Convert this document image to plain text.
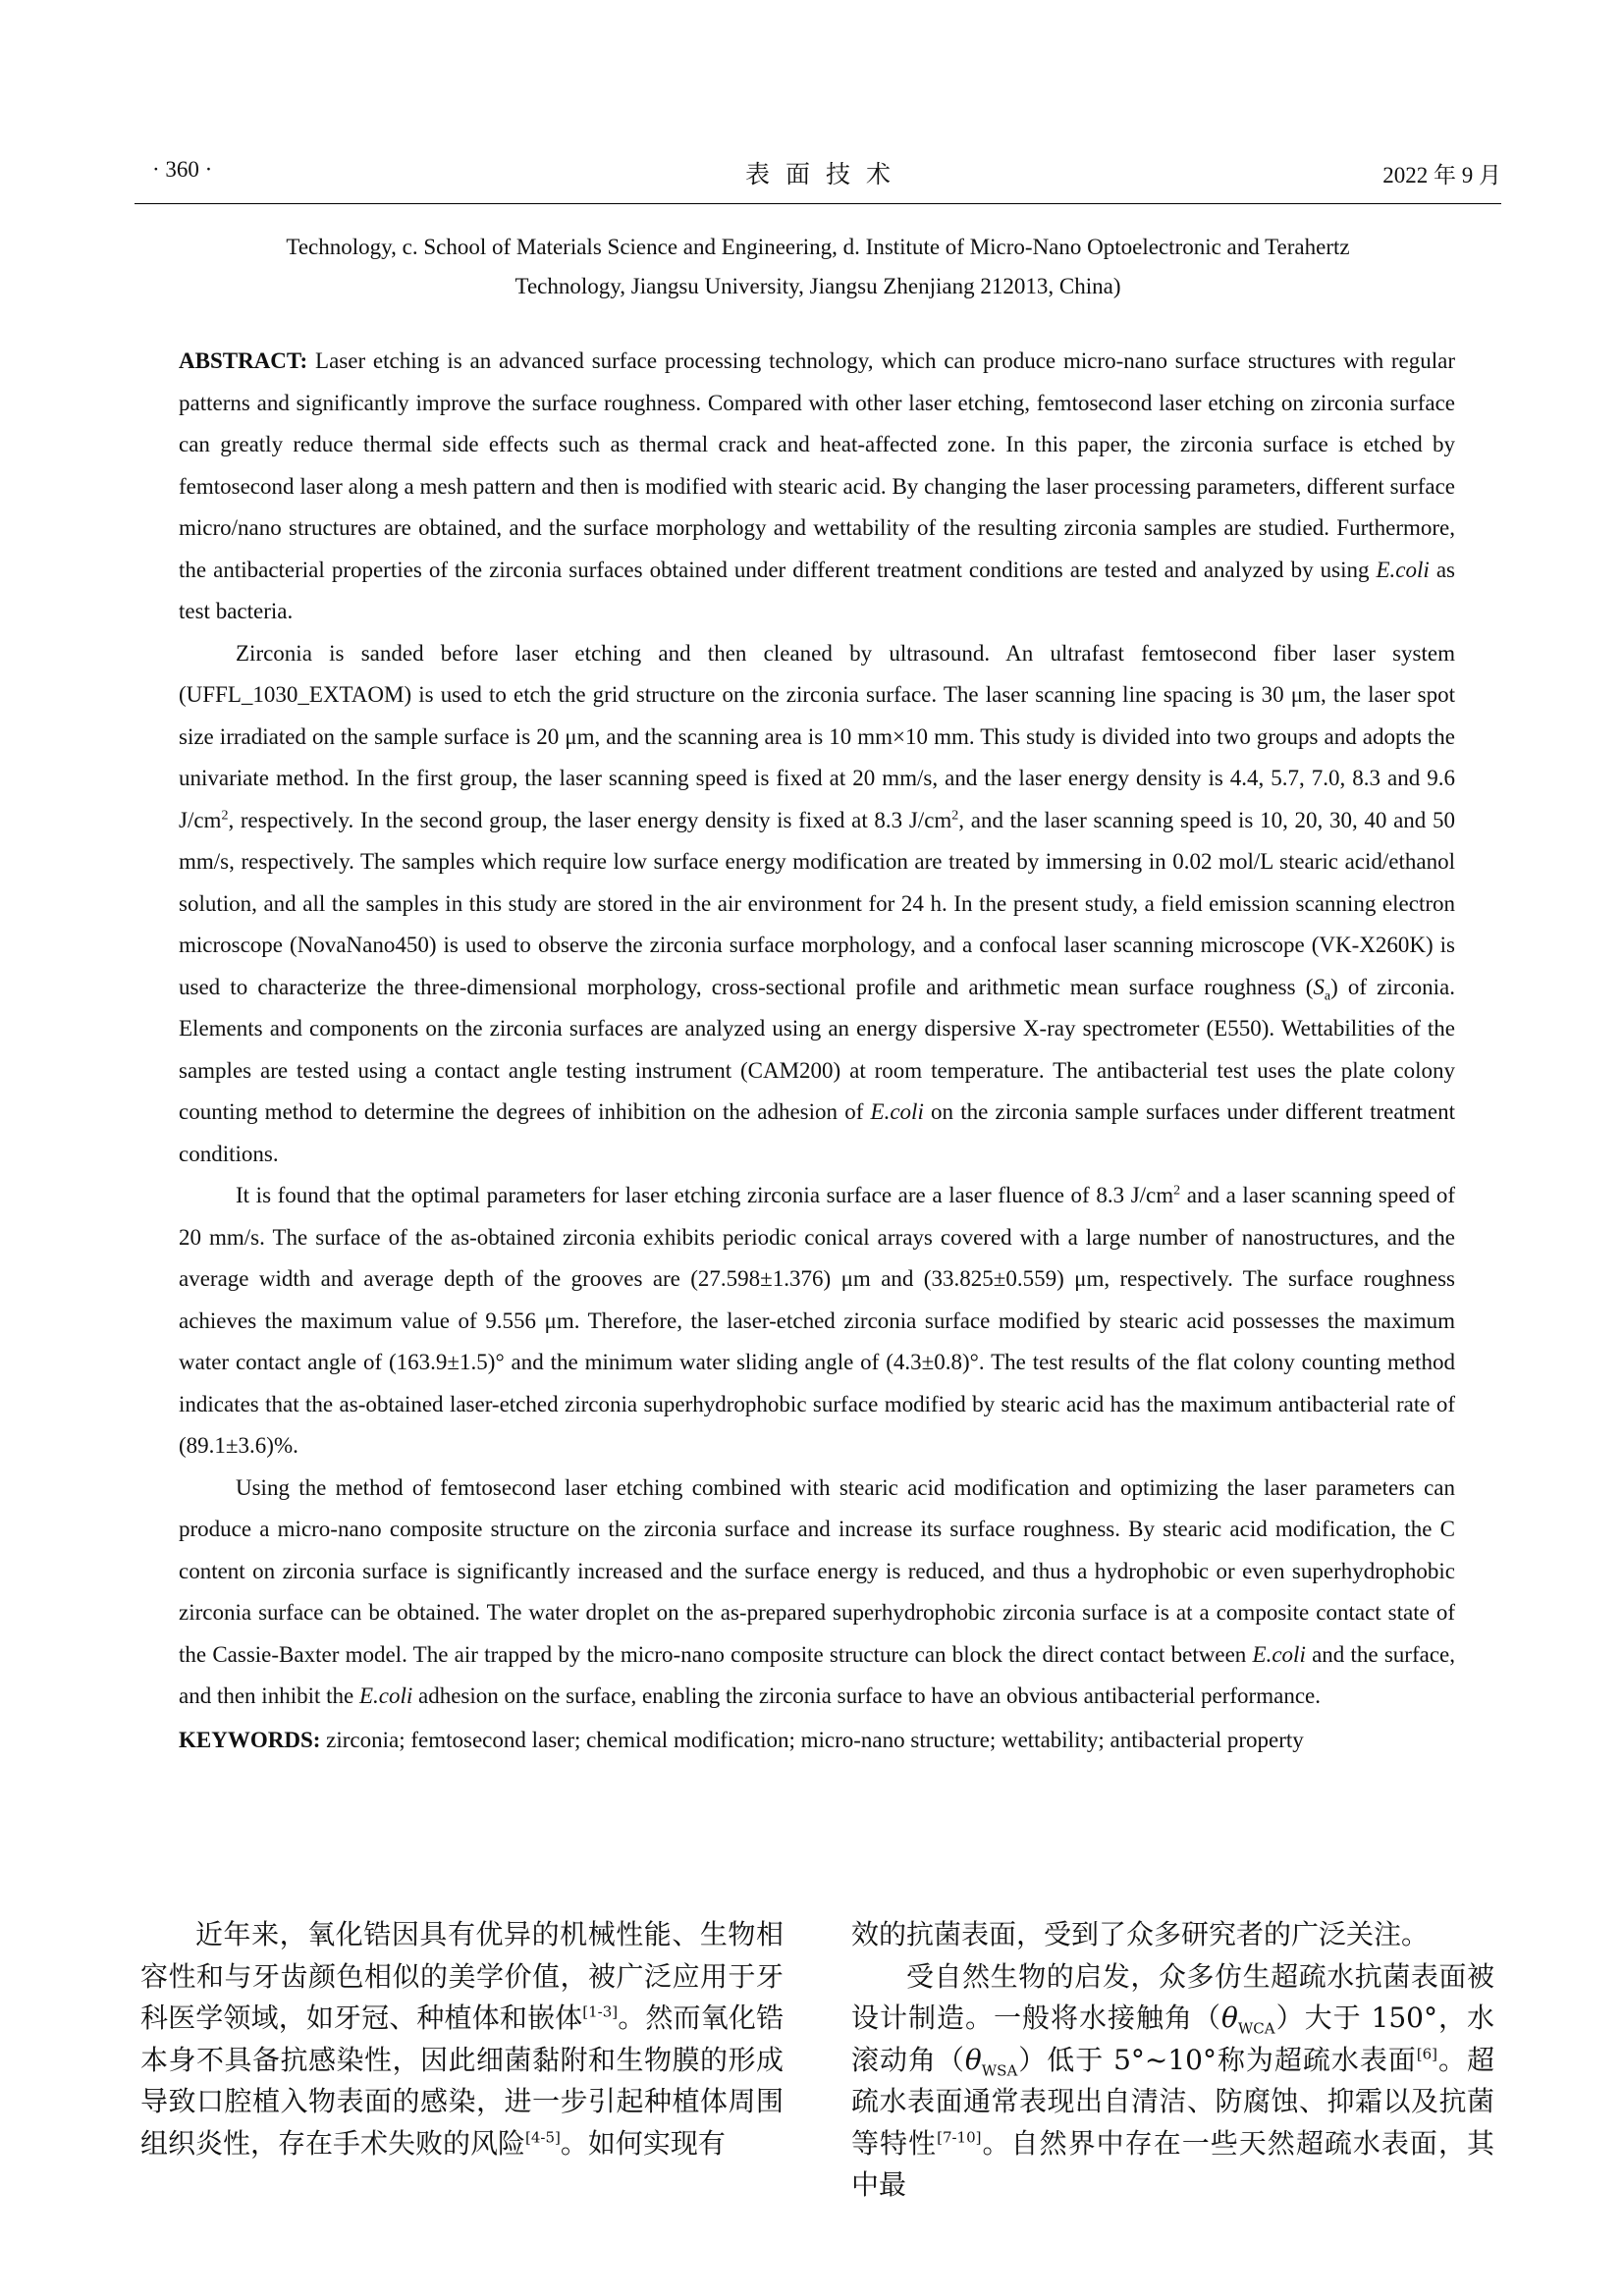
· 360 ·	表 面 技 术	2022 年 9 月
Technology, c. School of Materials Science and Engineering, d. Institute of Micro-Nano Optoelectronic and Terahertz
Technology, Jiangsu University, Jiangsu Zhenjiang 212013, China)

ABSTRACT: Laser etching is an advanced surface processing technology, which can produce micro-nano surface structures with regular patterns and significantly improve the surface roughness. Compared with other laser etching, femtosecond laser etching on zirconia surface can greatly reduce thermal side effects such as thermal crack and heat-affected zone. In this paper, the zirconia surface is etched by femtosecond laser along a mesh pattern and then is modified with stearic acid. By changing the laser processing parameters, different surface micro/nano structures are obtained, and the surface morphology and wettability of the resulting zirconia samples are studied. Furthermore, the antibacterial properties of the zirconia surfaces obtained under different treatment conditions are tested and analyzed by using E.coli as test bacteria.

Zirconia is sanded before laser etching and then cleaned by ultrasound. An ultrafast femtosecond fiber laser system (UFFL_1030_EXTAOM) is used to etch the grid structure on the zirconia surface. The laser scanning line spacing is 30 μm, the laser spot size irradiated on the sample surface is 20 μm, and the scanning area is 10 mm×10 mm. This study is divided into two groups and adopts the univariate method. In the first group, the laser scanning speed is fixed at 20 mm/s, and the laser energy density is 4.4, 5.7, 7.0, 8.3 and 9.6 $J/cm^2$, respectively. In the second group, the laser energy density is fixed at 8.3 $J/cm^2$, and the laser scanning speed is 10, 20, 30, 40 and 50 mm/s, respectively. The samples which require low surface energy modification are treated by immersing in 0.02 mol/L stearic acid/ethanol solution, and all the samples in this study are stored in the air environment for 24 h. In the present study, a field emission scanning electron microscope (NovaNano450) is used to observe the zirconia surface morphology, and a confocal laser scanning microscope (VK-X260K) is used to characterize the three-dimensional morphology, cross-sectional profile and arithmetic mean surface roughness $(S_a)$ of zirconia. Elements and components on the zirconia surfaces are analyzed using an energy dispersive X-ray spectrometer (E550). Wettabilities of the samples are tested using a contact angle testing instrument (CAM200) at room temperature. The antibacterial test uses the plate colony counting method to determine the degrees of inhibition on the adhesion of E.coli on the zirconia sample surfaces under different treatment conditions.

It is found that the optimal parameters for laser etching zirconia surface are a laser fluence of 8.3 $J/cm^2$ and a laser scanning speed of 20 mm/s. The surface of the as-obtained zirconia exhibits periodic conical arrays covered with a large number of nanostructures, and the average width and average depth of the grooves are (27.598±1.376) μm and (33.825±0.559) μm, respectively. The surface roughness achieves the maximum value of 9.556 μm. Therefore, the laser-etched zirconia surface modified by stearic acid possesses the maximum water contact angle of (163.9±1.5)° and the minimum water sliding angle of (4.3±0.8)°. The test results of the flat colony counting method indicates that the as-obtained laser-etched zirconia superhydrophobic surface modified by stearic acid has the maximum antibacterial rate of (89.1±3.6)%.

Using the method of femtosecond laser etching combined with stearic acid modification and optimizing the laser parameters can produce a micro-nano composite structure on the zirconia surface and increase its surface roughness. By stearic acid modification, the C content on zirconia surface is significantly increased and the surface energy is reduced, and thus a hydrophobic or even superhydrophobic zirconia surface can be obtained. The water droplet on the as-prepared superhydrophobic zirconia surface is at a composite contact state of the Cassie-Baxter model. The air trapped by the micro-nano composite structure can block the direct contact between E.coli and the surface, and then inhibit the E.coli adhesion on the surface, enabling the zirconia surface to have an obvious antibacterial performance.

KEYWORDS: zirconia; femtosecond laser; chemical modification; micro-nano structure; wettability; antibacterial property

近年来，氧化锆因具有优异的机械性能、生物相容性和与牙齿颜色相似的美学价值，被广泛应用于牙科医学领域，如牙冠、种植体和嵌体[1-3]。然而氧化锆本身不具备抗感染性，因此细菌黏附和生物膜的形成导致口腔植入物表面的感染，进一步引起种植体周围组织炎性，存在手术失败的风险[4-5]。如何实现有

效的抗菌表面，受到了众多研究者的广泛关注。

受自然生物的启发，众多仿生超疏水抗菌表面被设计制造。一般将水接触角$(\theta_{WCA})$大于 150°，水滚动角$(\theta_{WSA})$低于 5°~10°称为超疏水表面[6]。超疏水表面通常表现出自清洁、防腐蚀、抑霜以及抗菌等特性[7-10]。自然界中存在一些天然超疏水表面，其中最
